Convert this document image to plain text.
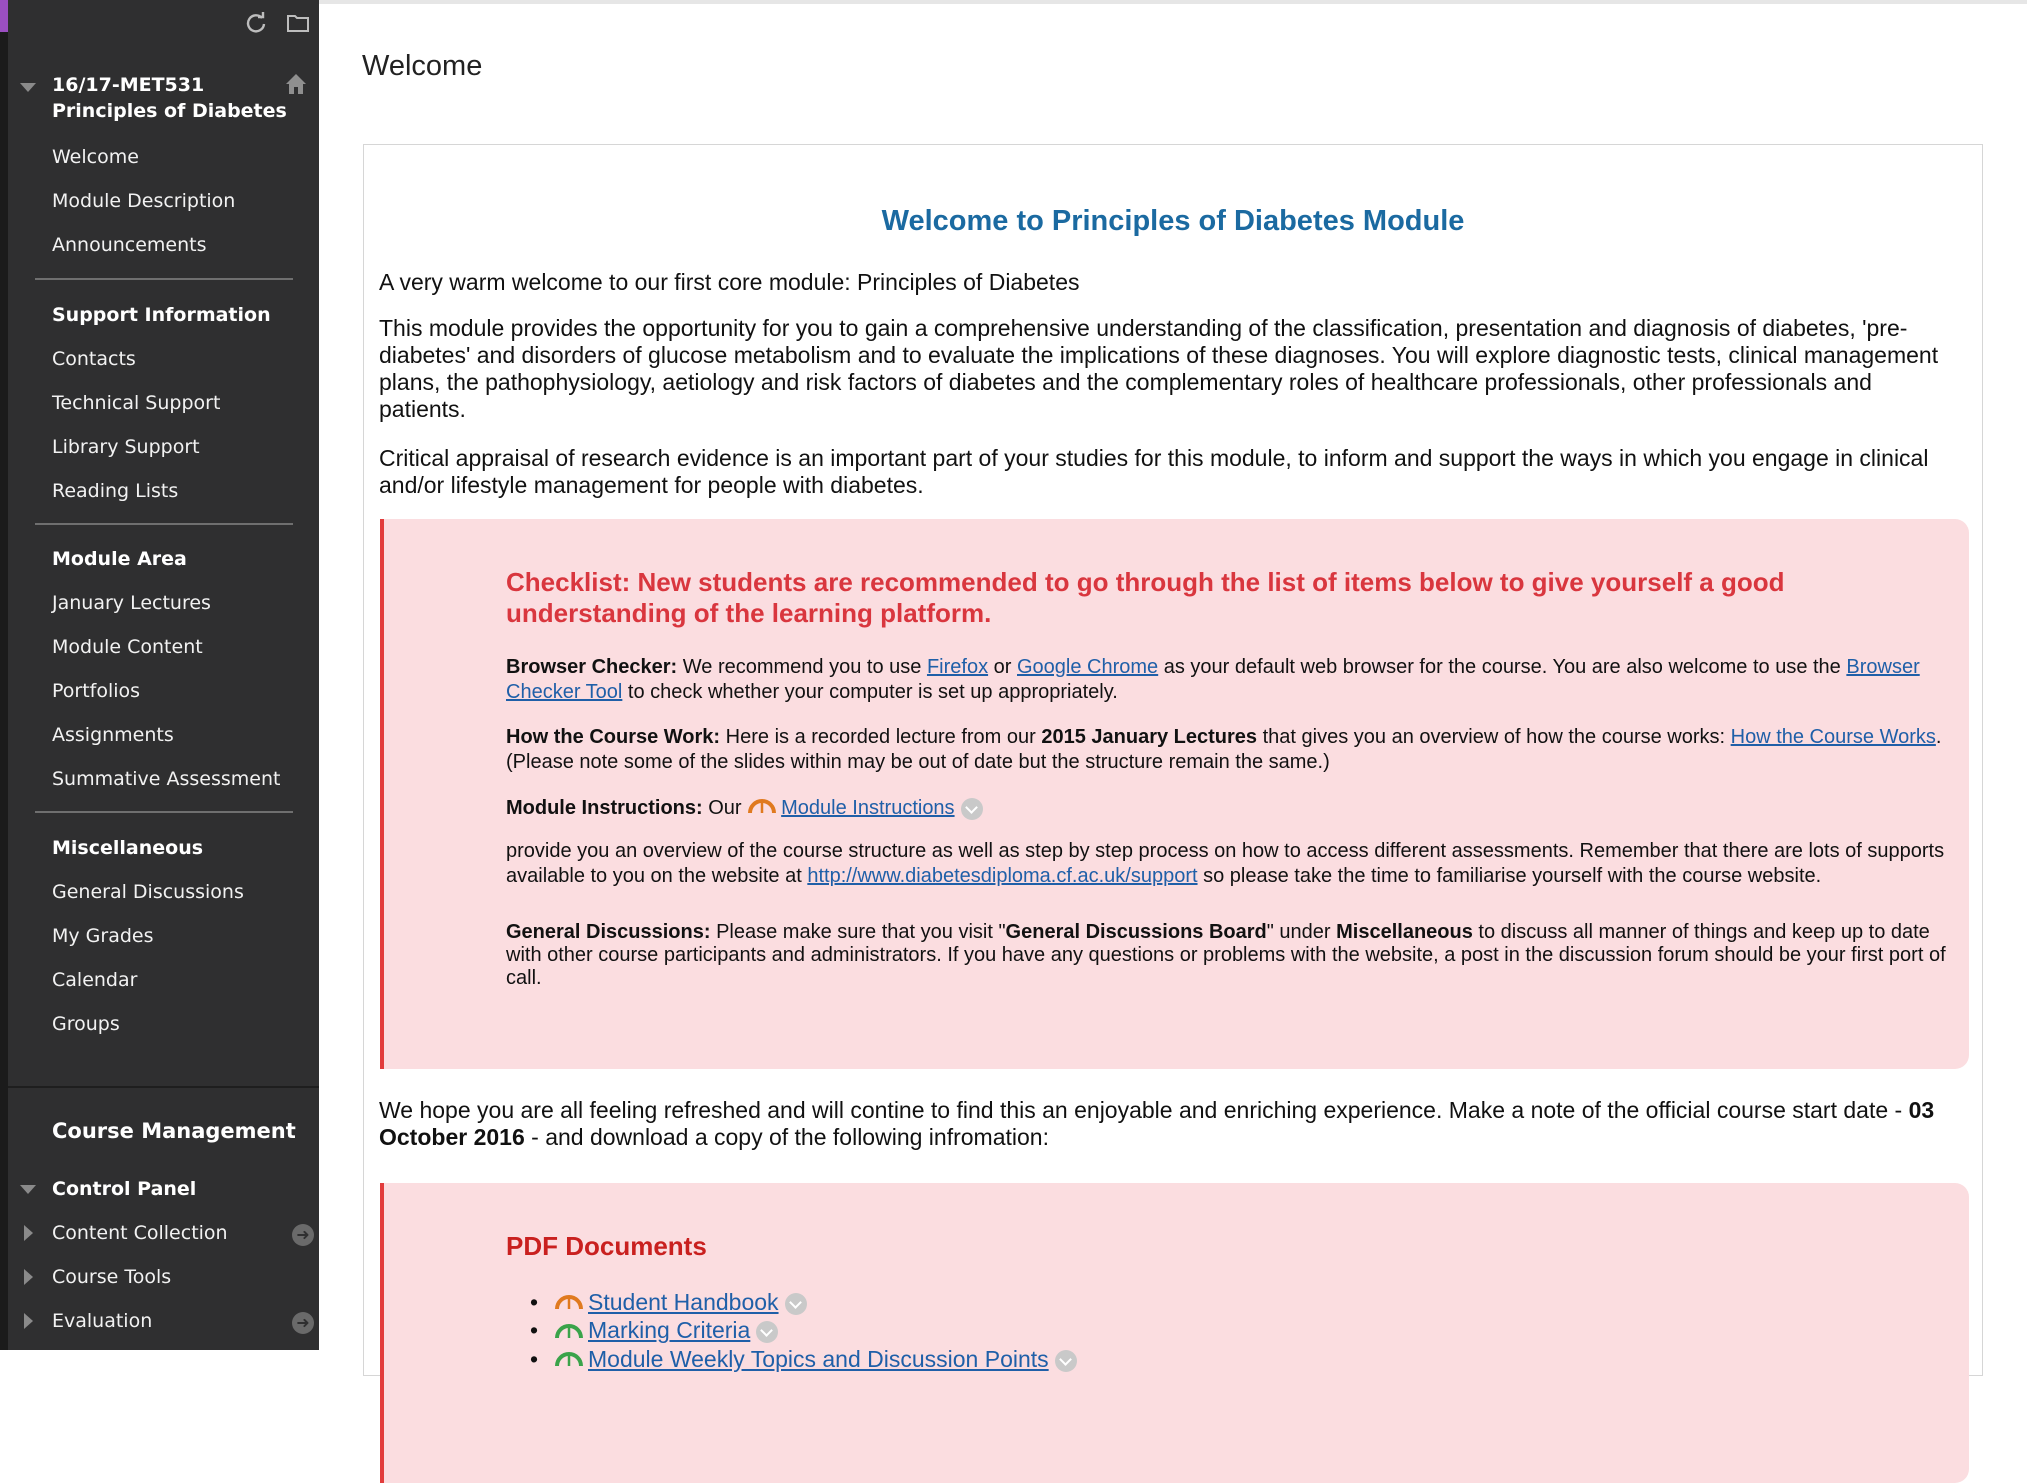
16/17-MET531 Principles of Diabetes
Welcome
Module Description
Announcements
Support Information
Contacts
Technical Support
Library Support
Reading Lists
Module Area
January Lectures
Module Content
Portfolios
Assignments
Summative Assessment
Miscellaneous
General Discussions
My Grades
Calendar
Groups
Course Management
Control Panel
Content Collection	➜
Course Tools
Evaluation	➜
Welcome
Welcome to Principles of Diabetes Module
A very warm welcome to our first core module: Principles of Diabetes
This module provides the opportunity for you to gain a comprehensive understanding of the classification, presentation and diagnosis of diabetes, 'pre-diabetes' and disorders of glucose metabolism and to evaluate the implications of these diagnoses. You will explore diagnostic tests, clinical management plans, the pathophysiology, aetiology and risk factors of diabetes and the complementary roles of healthcare professionals, other professionals and patients.
Critical appraisal of research evidence is an important part of your studies for this module, to inform and support the ways in which you engage in clinical and/or lifestyle management for people with diabetes.
Checklist: New students are recommended to go through the list of items below to give yourself a good understanding of the learning platform.
Browser Checker: We recommend you to use Firefox or Google Chrome as your default web browser for the course. You are also welcome to use the Browser Checker Tool to check whether your computer is set up appropriately.
How the Course Work: Here is a recorded lecture from our 2015 January Lectures that gives you an overview of how the course works: How the Course Works. (Please note some of the slides within may be out of date but the structure remain the same.)
Module Instructions: Our Module Instructions
provide you an overview of the course structure as well as step by step process on how to access different assessments. Remember that there are lots of supports available to you on the website at http://www.diabetesdiploma.cf.ac.uk/support so please take the time to familiarise yourself with the course website.
General Discussions: Please make sure that you visit "General Discussions Board" under Miscellaneous to discuss all manner of things and keep up to date with other course participants and administrators. If you have any questions or problems with the website, a post in the discussion forum should be your first port of call.
We hope you are all feeling refreshed and will contine to find this an enjoyable and enriching experience. Make a note of the official course start date - 03 October 2016 - and download a copy of the following infromation:
PDF Documents
• Student Handbook
• Marking Criteria
• Module Weekly Topics and Discussion Points
